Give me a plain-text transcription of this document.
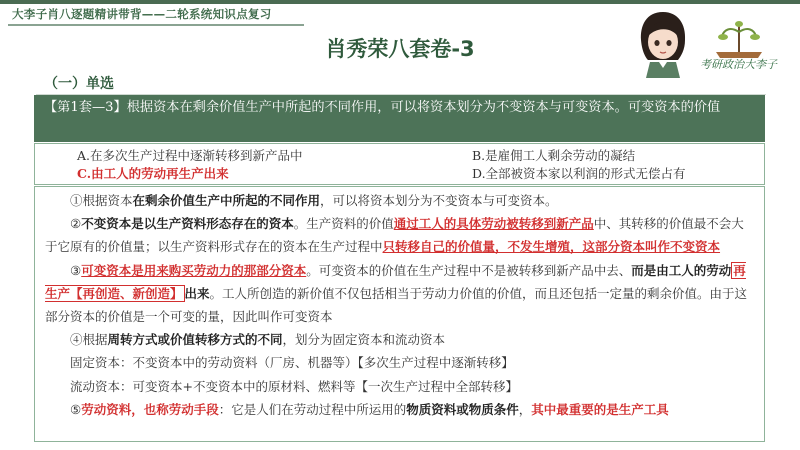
大李子肖八逐题精讲带背——二轮系统知识点复习
肖秀荣八套卷-3
考研政治大李子
（一）单选
【第1套—3】根据资本在剩余价值生产中所起的不同作用，可以将资本划分为不变资本与可变资本。可变资本的价值
A.在多次生产过程中逐渐转移到新产品中	B.是雇佣工人剩余劳动的凝结
C.由工人的劳动再生产出来	D.全部被资本家以利润的形式无偿占有

①根据资本在剩余价值生产中所起的不同作用，可以将资本划分为不变资本与可变资本。

②不变资本是以生产资料形态存在的资本。生产资料的价值通过工人的具体劳动被转移到新产品中、其转移的价值最不会大于它原有的价值量；以生产资料形式存在的资本在生产过程中只转移自己的价值量，不发生增殖，这部分资本叫作不变资本

③可变资本是用来购买劳动力的那部分资本。可变资本的价值在生产过程中不是被转移到新产品中去、而是由工人的劳动 再生产【再创造、新创造】 出来。工人所创造的新价值不仅包括相当于劳动力价值的价值，而且还包括一定量的剩余价值。由于这部分资本的价值是一个可变的量，因此叫作可变资本

④根据周转方式或价值转移方式的不同，划分为固定资本和流动资本

固定资本：不变资本中的劳动资料（厂房、机器等）【多次生产过程中逐渐转移】

流动资本：可变资本+不变资本中的原材料、燃料等【一次生产过程中全部转移】

⑤劳动资料，也称劳动手段：它是人们在劳动过程中所运用的物质资料或物质条件，其中最重要的是生产工具
